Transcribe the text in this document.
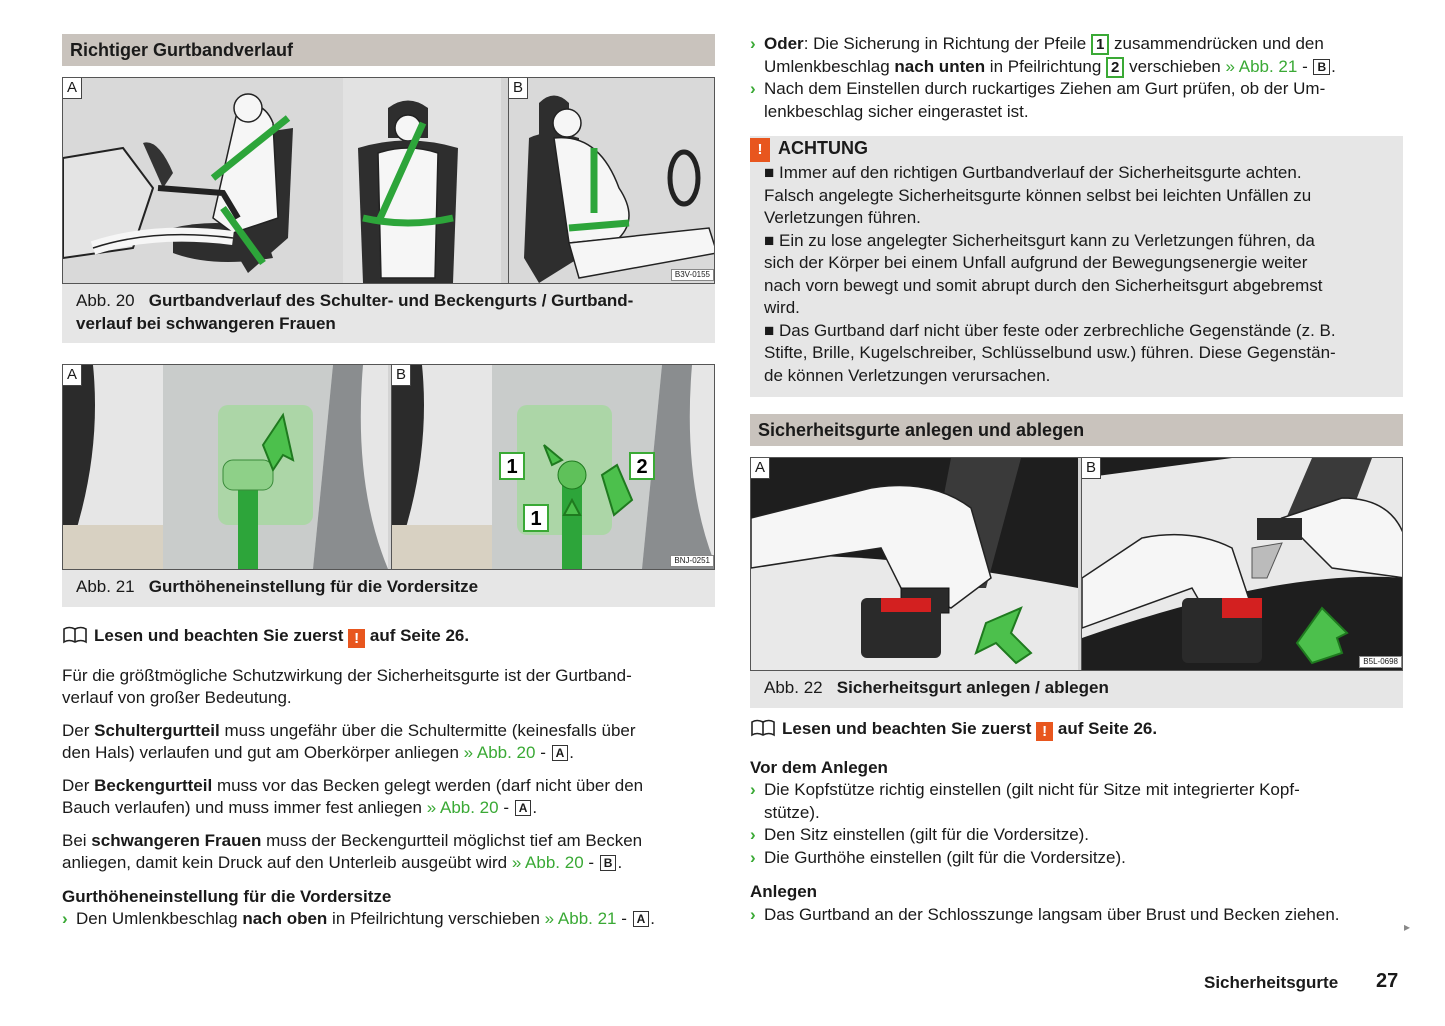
Richtiger Gurtbandverlauf
A	B
B3V-0155
Abb. 20 Gurtbandverlauf des Schulter- und Beckengurts / Gurtband-
verlauf bei schwangeren Frauen
A
1	2
1
B
BNJ-0251
Abb. 21 Gurthöheneinstellung für die Vordersitze
Lesen und beachten Sie zuerst ! auf Seite 26.
Für die größtmögliche Schutzwirkung der Sicherheitsgurte ist der Gurtband-
verlauf von großer Bedeutung.
Der Schultergurtteil muss ungefähr über die Schultermitte (keinesfalls über
den Hals) verlaufen und gut am Oberkörper anliegen » Abb. 20 - A .
Der Beckengurtteil muss vor das Becken gelegt werden (darf nicht über den
Bauch verlaufen) und muss immer fest anliegen » Abb. 20 - A .
Bei schwangeren Frauen muss der Beckengurtteil möglichst tief am Becken
anliegen, damit kein Druck auf den Unterleib ausgeübt wird » Abb. 20 - B .
Gurthöheneinstellung für die Vordersitze
› Den Umlenkbeschlag nach oben in Pfeilrichtung verschieben » Abb. 21 - A .
› Oder: Die Sicherung in Richtung der Pfeile 1 zusammendrücken und den
Umlenkbeschlag nach unten in Pfeilrichtung 2 verschieben » Abb. 21 - B .
› Nach dem Einstellen durch ruckartiges Ziehen am Gurt prüfen, ob der Um-
lenkbeschlag sicher eingerastet ist.
! ACHTUNG
■ Immer auf den richtigen Gurtbandverlauf der Sicherheitsgurte achten.
Falsch angelegte Sicherheitsgurte können selbst bei leichten Unfällen zu
Verletzungen führen.
■ Ein zu lose angelegter Sicherheitsgurt kann zu Verletzungen führen, da
sich der Körper bei einem Unfall aufgrund der Bewegungsenergie weiter
nach vorn bewegt und somit abrupt durch den Sicherheitsgurt abgebremst
wird.
■ Das Gurtband darf nicht über feste oder zerbrechliche Gegenstände (z. B.
Stifte, Brille, Kugelschreiber, Schlüsselbund usw.) führen. Diese Gegenstän-
de können Verletzungen verursachen.
Sicherheitsgurte anlegen und ablegen
A	B
B5L-0698
Abb. 22 Sicherheitsgurt anlegen / ablegen
Lesen und beachten Sie zuerst ! auf Seite 26.
Vor dem Anlegen
› Die Kopfstütze richtig einstellen (gilt nicht für Sitze mit integrierter Kopf-
stütze).
› Den Sitz einstellen (gilt für die Vordersitze).
› Die Gurthöhe einstellen (gilt für die Vordersitze).
Anlegen
› Das Gurtband an der Schlosszunge langsam über Brust und Becken ziehen.
▸
Sicherheitsgurte 27
